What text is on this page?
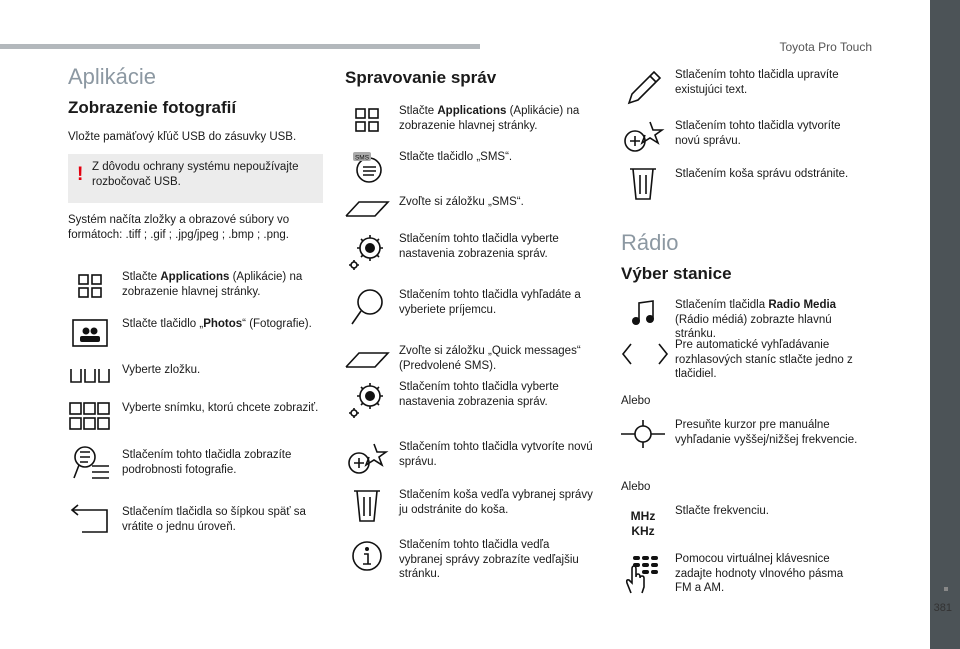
Toyota Pro Touch
381
Aplikácie
Zobrazenie fotografií
Vložte pamäťový kľúč USB do zásuvky USB.
! Z dôvodu ochrany systému nepoužívajte rozbočovač USB.
Systém načíta zložky a obrazové súbory vo formátoch: .tiff ; .gif ; .jpg/jpeg ; .bmp ; .png.
Stlačte Applications (Aplikácie) na zobrazenie hlavnej stránky.
Stlačte tlačidlo „Photos“ (Fotografie).
Vyberte zložku.
Vyberte snímku, ktorú chcete zobraziť.
Stlačením tohto tlačidla zobrazíte podrobnosti fotografie.
Stlačením tlačidla so šípkou späť sa vrátite o jednu úroveň.
Spravovanie správ
Stlačte Applications (Aplikácie) na zobrazenie hlavnej stránky.
SMS	Stlačte tlačidlo „SMS“.
Zvoľte si záložku „SMS“.
Stlačením tohto tlačidla vyberte nastavenia zobrazenia správ.
Stlačením tohto tlačidla vyhľadáte a vyberiete príjemcu.
Zvoľte si záložku „Quick messages“ (Predvolené SMS).
Stlačením tohto tlačidla vyberte nastavenia zobrazenia správ.
Stlačením tohto tlačidla vytvoríte novú správu.
Stlačením koša vedľa vybranej správy ju odstránite do koša.
Stlačením tohto tlačidla vedľa vybranej správy zobrazíte vedľajšiu stránku.
Stlačením tohto tlačidla upravíte existujúci text.
Stlačením tohto tlačidla vytvoríte novú správu.
Stlačením koša správu odstránite.
Rádio
Výber stanice
Stlačením tlačidla Radio Media (Rádio médiá) zobrazte hlavnú stránku.
Pre automatické vyhľadávanie rozhlasových staníc stlačte jedno z tlačidiel.
Alebo
Presuňte kurzor pre manuálne vyhľadanie vyššej/nižšej frekvencie.
Alebo
MHz
KHz
Stlačte frekvenciu.
Pomocou virtuálnej klávesnice zadajte hodnoty vlnového pásma FM a AM.
